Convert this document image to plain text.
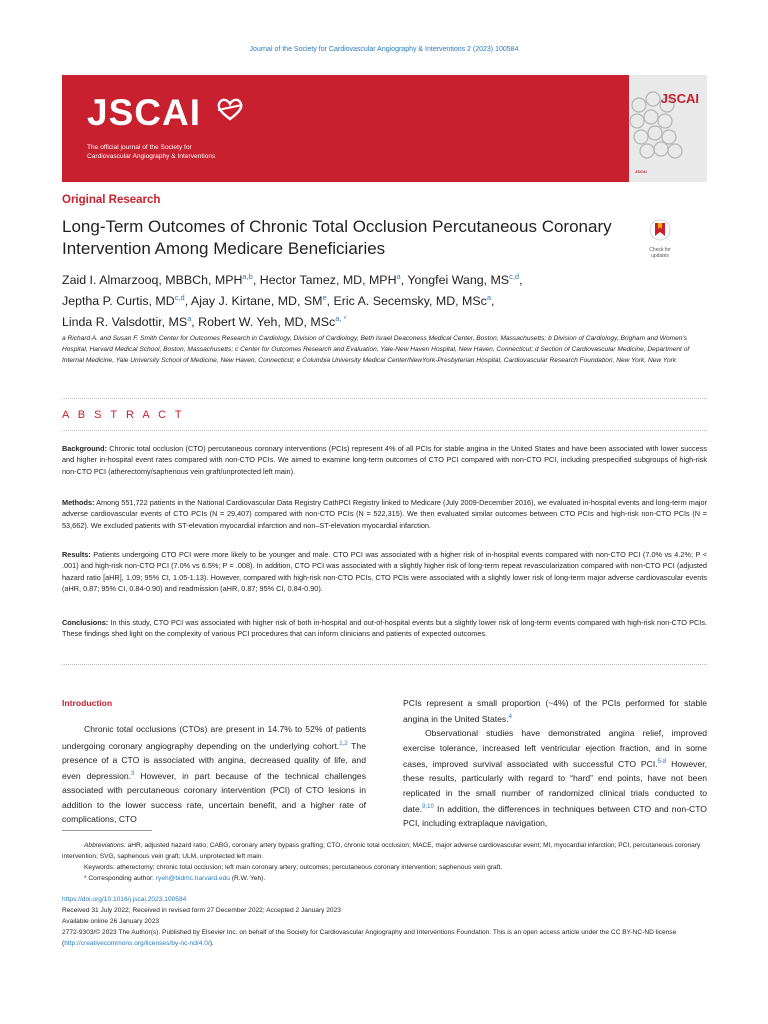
Journal of the Society for Cardiovascular Angiography & Interventions 2 (2023) 100584
JSCAI
The official journal of the Society for
Cardiovascular Angiography & Interventions
JSCAI
JSCAI
Original Research
Long-Term Outcomes of Chronic Total Occlusion Percutaneous Coronary Intervention Among Medicare Beneficiaries	Check for
updates
Zaid I. Almarzooq, MBBCh, MPH$^{a,b}$, Hector Tamez, MD, MPH$^a$, Yongfei Wang, MS$^{c,d}$,
Jeptha P. Curtis, MD$^{c,d}$, Ajay J. Kirtane, MD, $SM^e$, Eric A. Secemsky, MD, MSc$^a$,
Linda R. Valsdottir, $MS^a$, Robert W. Yeh, MD, MSc$^{a, *}$
a Richard A. and Susan F. Smith Center for Outcomes Research in Cardiology, Division of Cardiology, Beth Israel Deaconess Medical Center, Boston, Massachusetts; b Division of Cardiology, Brigham and Women's Hospital, Harvard Medical School, Boston, Massachusetts; c Center for Outcomes Research and Evaluation, Yale-New Haven Hospital, New Haven, Connecticut; d Section of Cardiovascular Medicine, Department of Internal Medicine, Yale University School of Medicine, New Haven, Connecticut; e Columbia University Medical Center/NewYork-Presbyterian Hospital, Cardiovascular Research Foundation, New York, New York
A B S T R A C T
Background: Chronic total occlusion (CTO) percutaneous coronary interventions (PCIs) represent 4% of all PCIs for stable angina in the United States and have been associated with lower success and higher in-hospital event rates compared with non-CTO PCIs. We aimed to examine long-term outcomes of CTO PCI compared with non-CTO PCI, including prespecified subgroups of high-risk non-CTO PCI (atherectomy/saphenous vein graft/unprotected left main).
Methods: Among 551,722 patients in the National Cardiovascular Data Registry CathPCI Registry linked to Medicare (July 2009-December 2016), we evaluated in-hospital events and long-term major adverse cardiovascular events of CTO PCIs (N = 29,407) compared with non-CTO PCIs (N = 522,315). We then evaluated similar outcomes between CTO PCIs and high-risk non-CTO PCIs (N = 53,662). We excluded patients with ST-elevation myocardial infarction and non–ST-elevation myocardial infarction.
Results: Patients undergoing CTO PCI were more likely to be younger and male. CTO PCI was associated with a higher risk of in-hospital events compared with non-CTO PCI (7.0% vs 4.2%; P < .001) and high-risk non-CTO PCI (7.0% vs 6.5%; P = .008). In addition, CTO PCI was associated with a slightly higher risk of long-term repeat revascularization compared with non-CTO PCI (adjusted hazard ratio [aHR], 1.09; 95% CI, 1.05-1.13). However, compared with high-risk non-CTO PCIs, CTO PCIs were associated with a slightly lower risk of long-term major adverse cardiovascular events (aHR, 0.87; 95% CI, 0.84-0.90) and readmission (aHR, 0.87; 95% CI, 0.84-0.90).
Conclusions: In this study, CTO PCI was associated with higher risk of both in-hospital and out-of-hospital events but a slightly lower risk of long-term events compared with high-risk non-CTO PCIs. These findings shed light on the complexity of various PCI procedures that can inform clinicians and patients of expected outcomes.
Introduction

Chronic total occlusions (CTOs) are present in 14.7% to 52% of patients undergoing coronary angiography depending on the underlying cohort.$^{1,2}$ The presence of a CTO is associated with angina, decreased quality of life, and even depression.$^3$ However, in part because of the technical challenges associated with percutaneous coronary intervention (PCI) of CTO lesions in addition to the lower success rate, uncertain benefit, and a higher rate of complications, CTO

PCIs represent a small proportion (~4%) of the PCIs performed for stable angina in the United States.$^4$

Observational studies have demonstrated angina relief, improved exercise tolerance, increased left ventricular ejection fraction, and in some cases, improved survival associated with successful CTO PCI.$^{5-8}$ However, these results, particularly with regard to “hard” end points, have not been replicated in the small number of randomized clinical trials conducted to date.$^{9,10}$ In addition, the differences in techniques between CTO and non-CTO PCI, including extraplaque navigation,

Abbreviations: aHR, adjusted hazard ratio; CABG, coronary artery bypass grafting; CTO, chronic total occlusion; MACE, major adverse cardiovascular event; MI, myocardial infarction; PCI, percutaneous coronary intervention; SVG, saphenous vein graft; ULM, unprotected left main.

Keywords: atherectomy; chronic total occlusion; left main coronary artery; outcomes; percutaneous coronary intervention; saphenous vein graft.

* Corresponding author: ryeh@bidmc.harvard.edu (R.W. Yeh).

https://doi.org/10.1016/j.jscai.2023.100584

Received 31 July 2022; Received in revised form 27 December 2022; Accepted 2 January 2023

Available online 26 January 2023

2772-9303/© 2023 The Author(s). Published by Elsevier Inc. on behalf of the Society for Cardiovascular Angiography and Interventions Foundation. This is an open access article under the CC BY-NC-ND license (http://creativecommons.org/licenses/by-nc-nd/4.0/).
